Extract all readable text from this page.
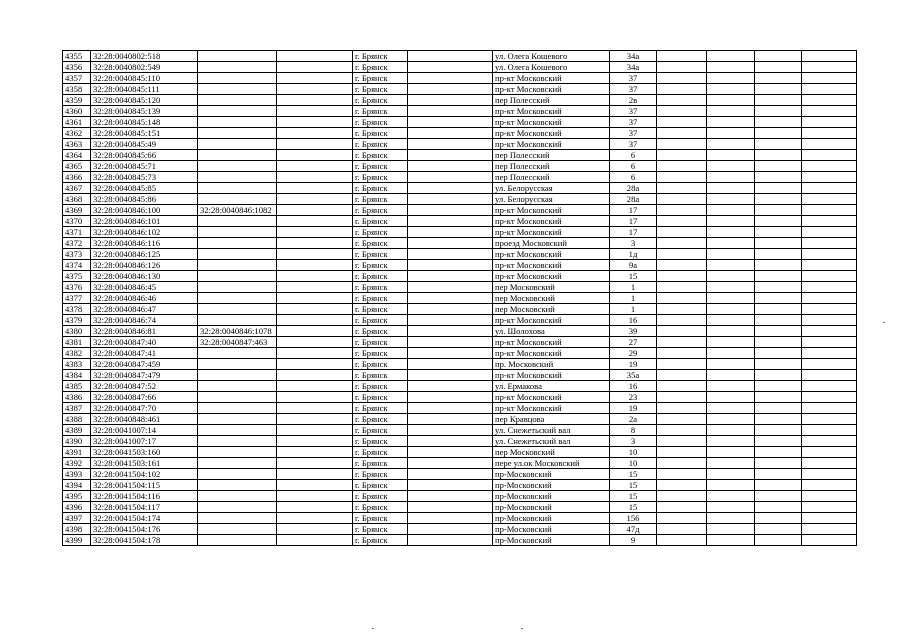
4355	32:28:0040802:518			г. Брянск		ул. Олега Кошевого	34а				
4356	32:28:0040802:549			г. Брянск		ул. Олега Кошевого	34а				
4357	32:28:0040845:110			г. Брянск		пр-кт Московский	37				
4358	32:28:0040845:111			г. Брянск		пр-кт Московский	37				
4359	32:28:0040845:120			г. Брянск		пер Полесский	2в				
4360	32:28:0040845:139			г. Брянск		пр-кт Московский	37				
4361	32:28:0040845:148			г. Брянск		пр-кт Московский	37				
4362	32:28:0040845:151			г. Брянск		пр-кт Московский	37				
4363	32:28:0040845:49			г. Брянск		пр-кт Московский	37				
4364	32:28:0040845:66			г. Брянск		пер Полесский	6				
4365	32:28:0040845:71			г. Брянск		пер Полесский	6				
4366	32:28:0040845:73			г. Брянск		пер Полесский	6				
4367	32:28:0040845:85			г. Брянск		ул. Белорусская	28а				
4368	32:28:0040845:86			г. Брянск		ул. Белорусская	28а				
4369	32:28:0040846:100	32:28:0040846:1082		г. Брянск		пр-кт Московский	17				
4370	32:28:0040846:101			г. Брянск		пр-кт Московский	17				
4371	32:28:0040846:102			г. Брянск		пр-кт Московский	17				
4372	32:28:0040846:116			г. Брянск		проезд Московский	3				
4373	32:28:0040846:125			г. Брянск		пр-кт Московский	1д				
4374	32:28:0040846:126			г. Брянск		пр-кт Московский	9а				
4375	32:28:0040846:130			г. Брянск		пр-кт Московский	15				
4376	32:28:0040846:45			г. Брянск		пер Московский	1				
4377	32:28:0040846:46			г. Брянск		пер Московский	1				
4378	32:28:0040846:47			г. Брянск		пер Московский	1				
4379	32:28:0040846:74			г. Брянск		пр-кт Московский	16				
4380	32:28:0040846:81	32:28:0040846:1078		г. Брянск		ул. Шолохова	39				
4381	32:28:0040847:40	32:28:0040847:463		г. Брянск		пр-кт Московский	27				
4382	32:28:0040847:41			г. Брянск		пр-кт Московский	29				
4383	32:28:0040847:459			г. Брянск		пр. Московский	19				
4384	32:28:0040847:479			г. Брянск		пр-кт Московский	35а				
4385	32:28:0040847:52			г. Брянск		ул. Ермакова	16				
4386	32:28:0040847:66			г. Брянск		пр-кт Московский	23				
4387	32:28:0040847:70			г. Брянск		пр-кт Московский	19				
4388	32:28:0040848:461			г. Брянск		пер Кравцова	2а				
4389	32:28:0041007:14			г. Брянск		ул. Снежетьский вал	8				
4390	32:28:0041007:17			г. Брянск		ул. Снежетьский вал	3				
4391	32:28:0041503:160			г. Брянск		пер Московский	10				
4392	32:28:0041503:161			г. Брянск		пере ул.ок Московский	10				
4393	32:28:0041504:102			г. Брянск		пр-Московский	15				
4394	32:28:0041504:115			г. Брянск		пр-Московский	15				
4395	32:28:0041504:116			г. Брянск		пр-Московский	15				
4396	32:28:0041504:117			г. Брянск		пр-Московский	15				
4397	32:28:0041504:174			г. Брянск		пр-Московский	156				
4398	32:28:0041504:176			г. Брянск		пр-Московский	47д				
4399	32:28:0041504:178			г. Брянск		пр-Московский	9				
